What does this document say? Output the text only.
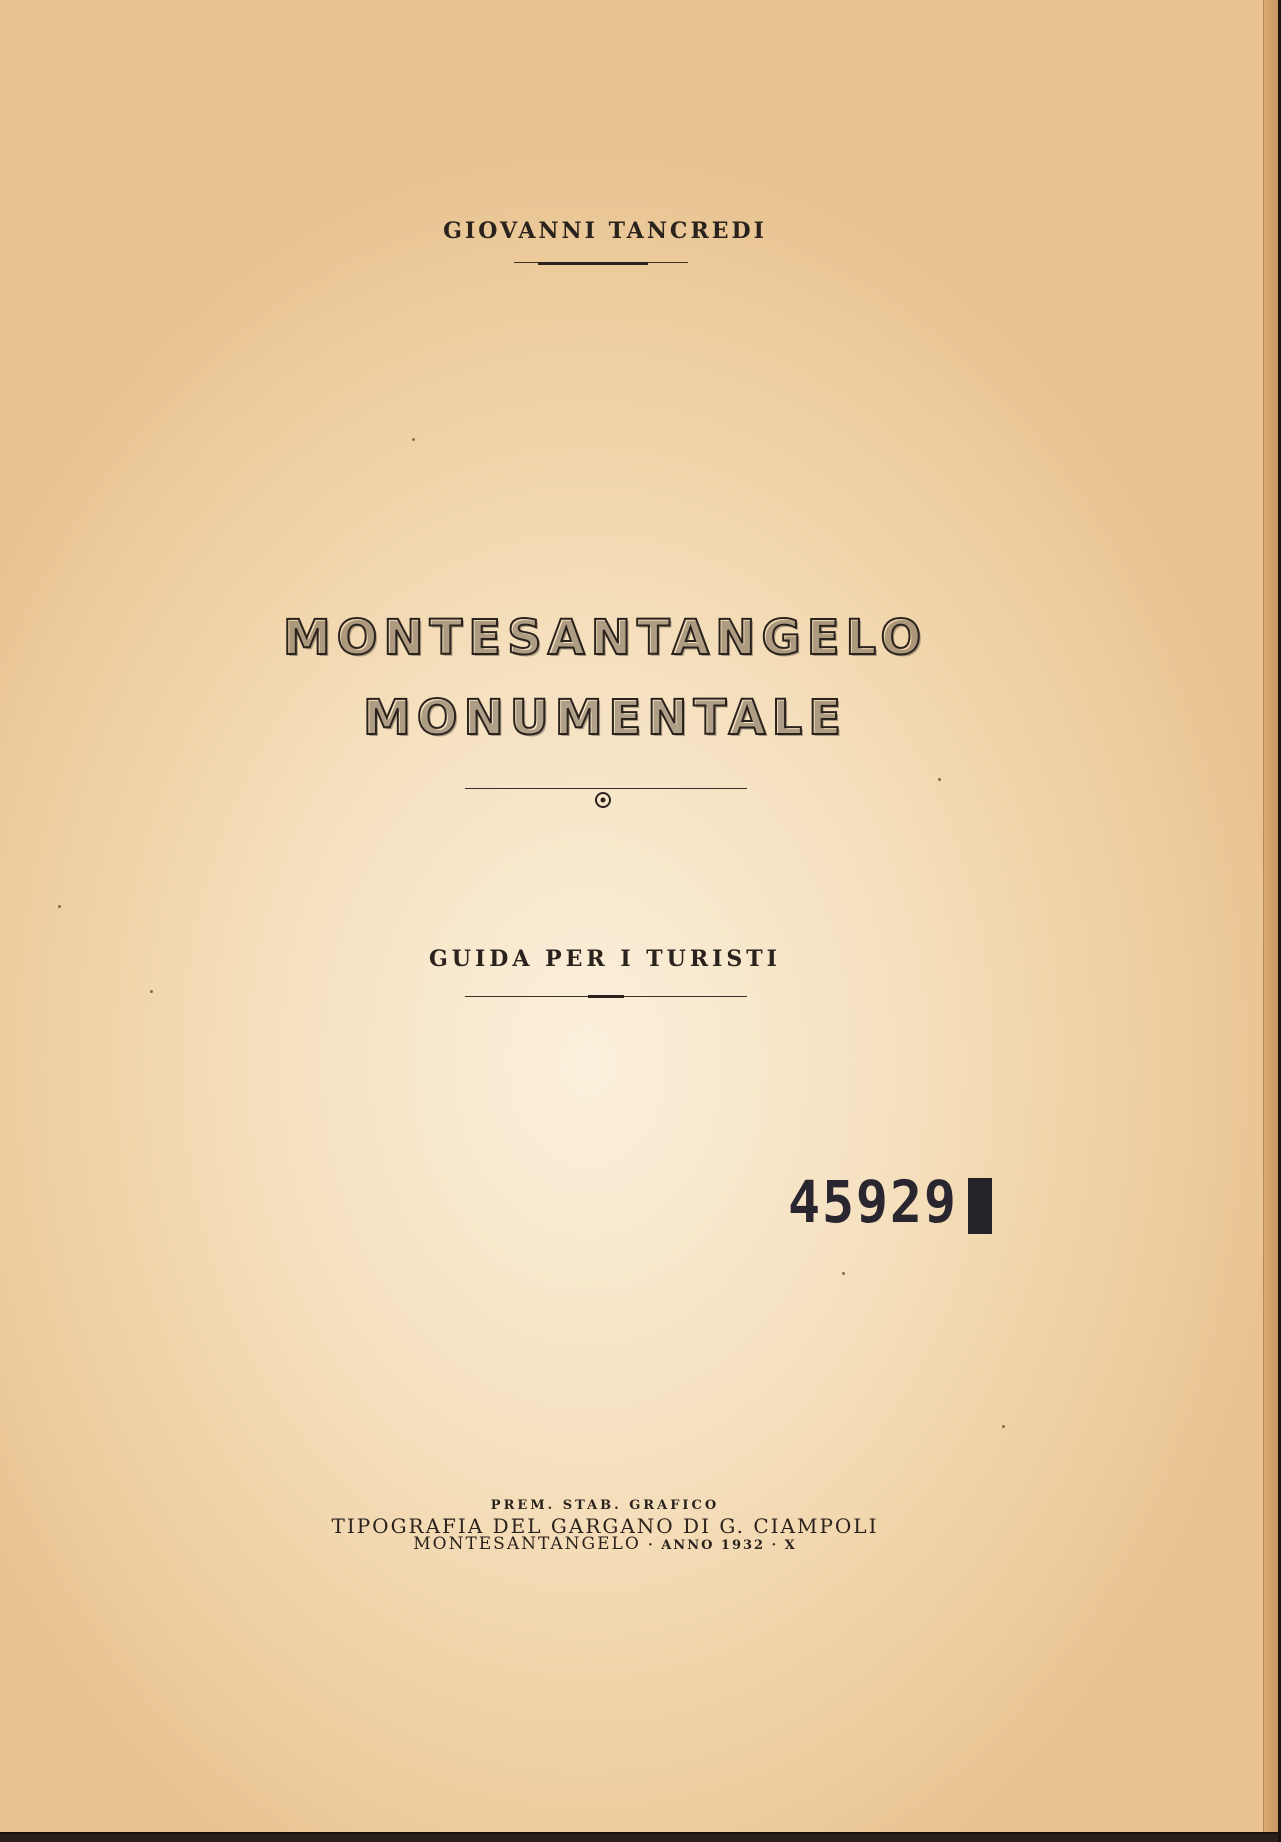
GIOVANNI TANCREDI
MONTESANTANGELO
MONUMENTALE
GUIDA PER I TURISTI
45929
PREM. STAB. GRAFICO
TIPOGRAFIA DEL GARGANO DI G. CIAMPOLI
MONTESANTANGELO · ANNO 1932 · X
